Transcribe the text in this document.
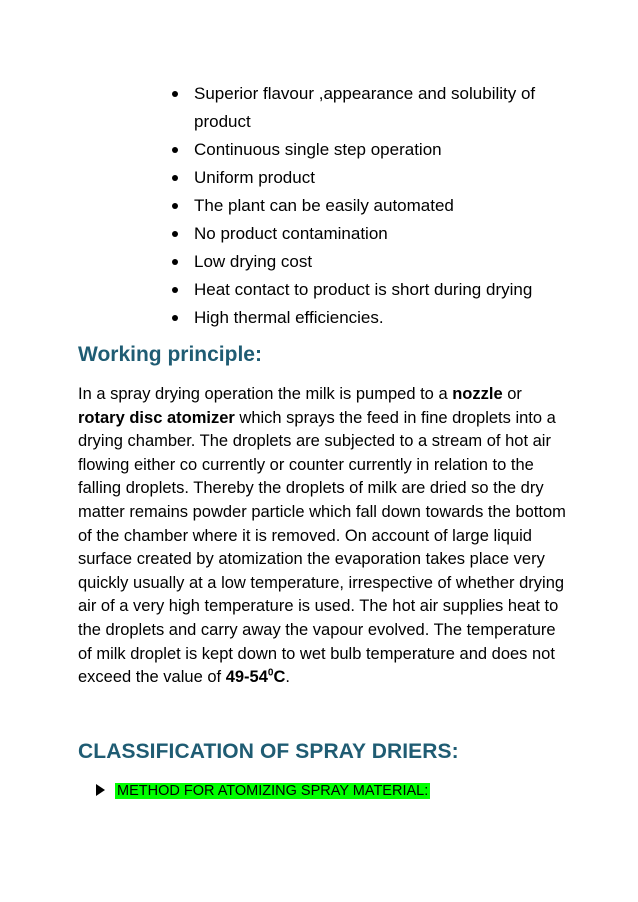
Superior flavour ,appearance and solubility of product
Continuous single step operation
Uniform product
The plant can be easily automated
No product contamination
Low drying cost
Heat contact to product is short during drying
High thermal efficiencies.
Working principle:

In a spray drying operation the milk is pumped to a nozzle or rotary disc atomizer which sprays the feed in fine droplets into a drying chamber. The droplets are subjected to a stream of hot air flowing either co currently or counter currently in relation to the falling droplets. Thereby the droplets of milk are dried so the dry matter remains powder particle which fall down towards the bottom of the chamber where it is removed. On account of large liquid surface created by atomization the evaporation takes place very quickly usually at a low temperature, irrespective of whether drying air of a very high temperature is used. The hot air supplies heat to the droplets and carry away the vapour evolved. The temperature of milk droplet is kept down to wet bulb temperature and does not exceed the value of $49-54^0C$.

CLASSIFICATION OF SPRAY DRIERS:
METHOD FOR ATOMIZING SPRAY MATERIAL:
